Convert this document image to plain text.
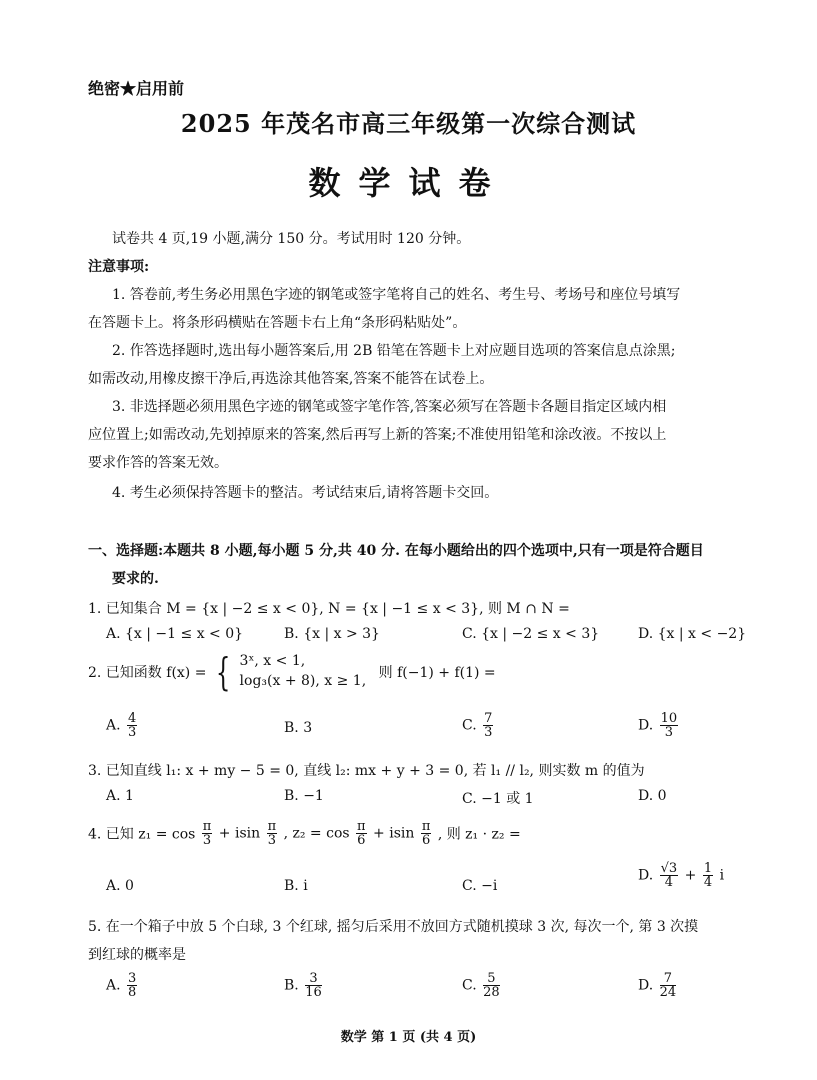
绝密★启用前
2025 年茂名市高三年级第一次综合测试
数学试卷
试卷共 4 页,19 小题,满分 150 分。考试用时 120 分钟。
注意事项:
1. 答卷前,考生务必用黑色字迹的钢笔或签字笔将自己的姓名、考生号、考场号和座位号填写
在答题卡上。将条形码横贴在答题卡右上角“条形码粘贴处”。
2. 作答选择题时,选出每小题答案后,用 2B 铅笔在答题卡上对应题目选项的答案信息点涂黑;
如需改动,用橡皮擦干净后,再选涂其他答案,答案不能答在试卷上。
3. 非选择题必须用黑色字迹的钢笔或签字笔作答,答案必须写在答题卡各题目指定区域内相
应位置上;如需改动,先划掉原来的答案,然后再写上新的答案;不准使用铅笔和涂改液。不按以上
要求作答的答案无效。
4. 考生必须保持答题卡的整洁。考试结束后,请将答题卡交回。
一、选择题:本题共 8 小题,每小题 5 分,共 40 分. 在每小题给出的四个选项中,只有一项是符合题目
要求的.
1. 已知集合 M = {x | −2 ≤ x < 0}, N = {x | −1 ≤ x < 3}, 则 M ∩ N =
A. {x | −1 ≤ x < 0}	B. {x | x > 3}	C. {x | −2 ≤ x < 3}	D. {x | x < −2}
2. 已知函数 f(x) = { 3ˣ, x < 1,
log₃(x + 8), x ≥ 1, 则 f(−1) + f(1) =
A. $\frac{4}{3}$	B. 3	C. $\frac{7}{3}$	D. $\frac{10}{3}$
3. 已知直线 l₁: x + my − 5 = 0, 直线 l₂: mx + y + 3 = 0, 若 l₁ // l₂, 则实数 m 的值为
A. 1	B. −1	C. −1 或 1	D. 0
4. 已知 $z_1 = \cos \frac{\pi}{3} + isin \frac{\pi}{3}$ , $z_2 = \cos \frac{\pi}{6} + isin \frac{\pi}{6}$ , 则 z₁ · z₂ =
A. 0	B. i	C. −i
D. $\frac{√3}{4} + \frac{1}{4}$ i
5. 在一个箱子中放 5 个白球, 3 个红球, 摇匀后采用不放回方式随机摸球 3 次, 每次一个, 第 3 次摸
到红球的概率是
A. $\frac{3}{8}$	B. $\frac{3}{16}$	C. $\frac{5}{28}$	D. $\frac{7}{24}$
数学 第 1 页 (共 4 页)
